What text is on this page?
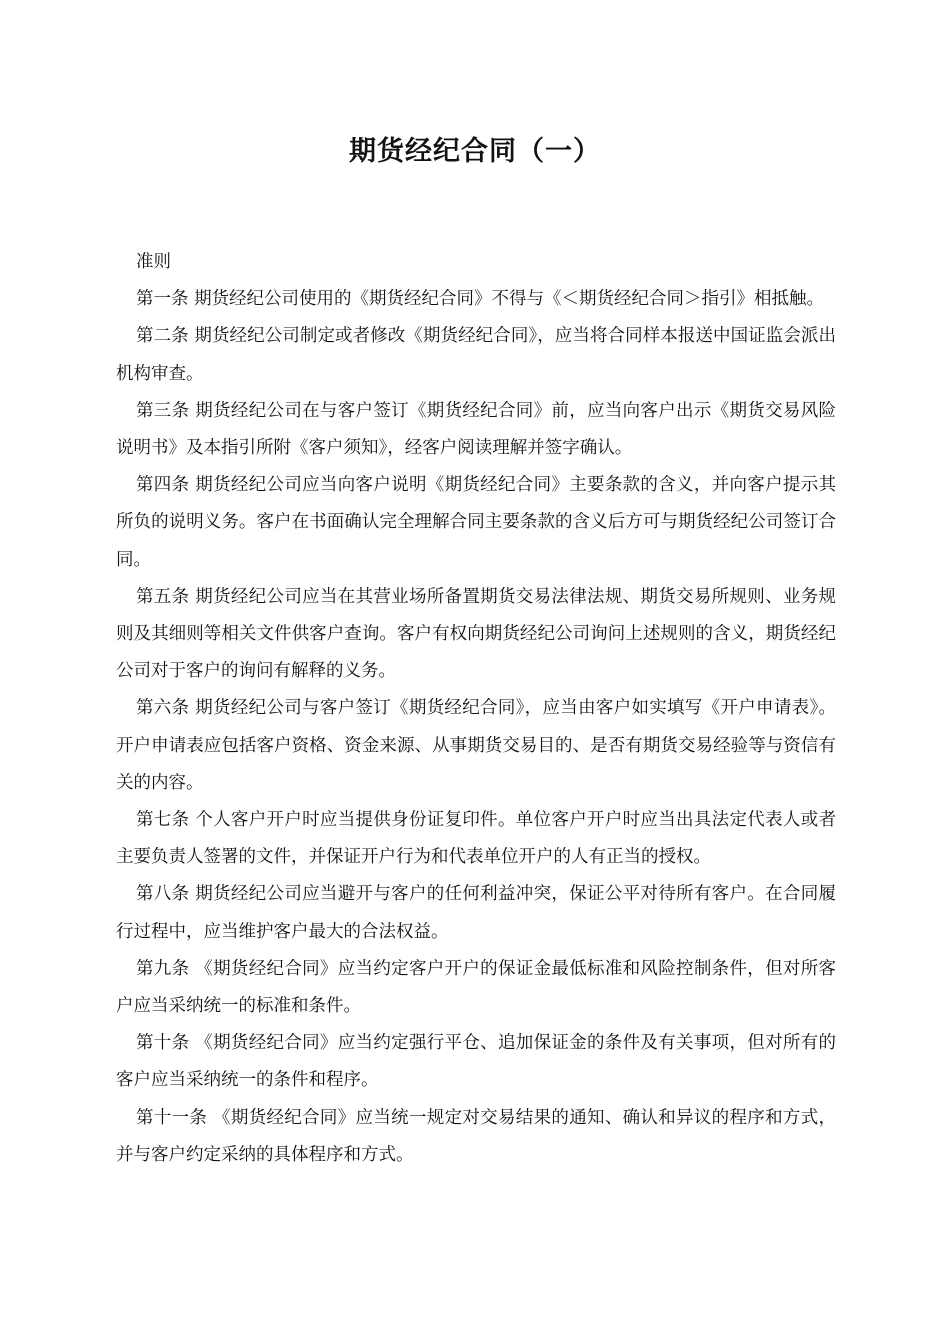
期货经纪合同（一）

准则

第一条 期货经纪公司使用的《期货经纪合同》不得与《＜期货经纪合同＞指引》相抵触。

第二条 期货经纪公司制定或者修改《期货经纪合同》，应当将合同样本报送中国证监会派出机构审查。

第三条 期货经纪公司在与客户签订《期货经纪合同》前，应当向客户出示《期货交易风险说明书》及本指引所附《客户须知》，经客户阅读理解并签字确认。

第四条 期货经纪公司应当向客户说明《期货经纪合同》主要条款的含义，并向客户提示其所负的说明义务。客户在书面确认完全理解合同主要条款的含义后方可与期货经纪公司签订合同。

第五条 期货经纪公司应当在其营业场所备置期货交易法律法规、期货交易所规则、业务规则及其细则等相关文件供客户查询。客户有权向期货经纪公司询问上述规则的含义，期货经纪公司对于客户的询问有解释的义务。

第六条 期货经纪公司与客户签订《期货经纪合同》，应当由客户如实填写《开户申请表》。开户申请表应包括客户资格、资金来源、从事期货交易目的、是否有期货交易经验等与资信有关的内容。

第七条 个人客户开户时应当提供身份证复印件。单位客户开户时应当出具法定代表人或者主要负责人签署的文件，并保证开户行为和代表单位开户的人有正当的授权。

第八条 期货经纪公司应当避开与客户的任何利益冲突，保证公平对待所有客户。在合同履行过程中，应当维护客户最大的合法权益。

第九条 《期货经纪合同》应当约定客户开户的保证金最低标准和风险控制条件，但对所客户应当采纳统一的标准和条件。

第十条 《期货经纪合同》应当约定强行平仓、追加保证金的条件及有关事项，但对所有的客户应当采纳统一的条件和程序。

第十一条 《期货经纪合同》应当统一规定对交易结果的通知、确认和异议的程序和方式，并与客户约定采纳的具体程序和方式。
